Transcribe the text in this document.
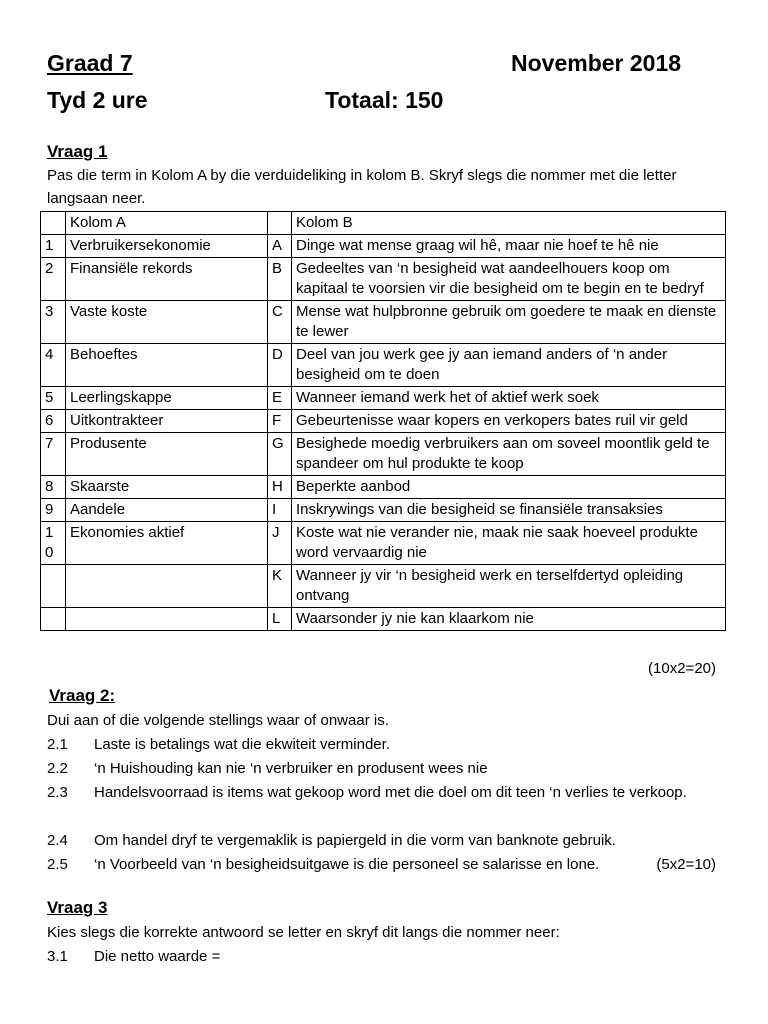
Graad 7	November 2018
Tyd 2 ure	Totaal: 150
Vraag 1
Pas die term in Kolom A by die verduideliking in kolom B. Skryf slegs die nommer met die letter langsaan neer.
	Kolom A		Kolom B
1	Verbruikersekonomie	A	Dinge wat mense graag wil hê, maar nie hoef te hê nie
2	Finansiële rekords	B	Gedeeltes van ‘n besigheid wat aandeelhouers koop om kapitaal te voorsien vir die besigheid om te begin en te bedryf
3	Vaste koste	C	Mense wat hulpbronne gebruik om goedere te maak en dienste te lewer
4	Behoeftes	D	Deel van jou werk gee jy aan iemand anders of ‘n ander besigheid om te doen
5	Leerlingskappe	E	Wanneer iemand werk het of aktief werk soek
6	Uitkontrakteer	F	Gebeurtenisse waar kopers en verkopers bates ruil vir geld
7	Produsente	G	Besighede moedig verbruikers aan om soveel moontlik geld te spandeer om hul produkte te koop
8	Skaarste	H	Beperkte aanbod
9	Aandele	I	Inskrywings van die besigheid se finansiële transaksies
10	Ekonomies aktief	J	Koste wat nie verander nie, maak nie saak hoeveel produkte word vervaardig nie
		K	Wanneer jy vir ‘n besigheid werk en terselfdertyd opleiding ontvang
		L	Waarsonder jy nie kan klaarkom nie
(10x2=20)
Vraag 2:
Dui aan of die volgende stellings waar of onwaar is.
2.1 Laste is betalings wat die ekwiteit verminder.
2.2 ‘n Huishouding kan nie ‘n verbruiker en produsent wees nie
2.3 Handelsvoorraad is items wat gekoop word met die doel om dit teen ‘n verlies te verkoop.
2.4 Om handel dryf te vergemaklik is papiergeld in die vorm van banknote gebruik.
2.5 ‘n Voorbeeld van ‘n besigheidsuitgawe is die personeel se salarisse en lone.	(5x2=10)
Vraag 3
Kies slegs die korrekte antwoord se letter en skryf dit langs die nommer neer:
3.1 Die netto waarde =
